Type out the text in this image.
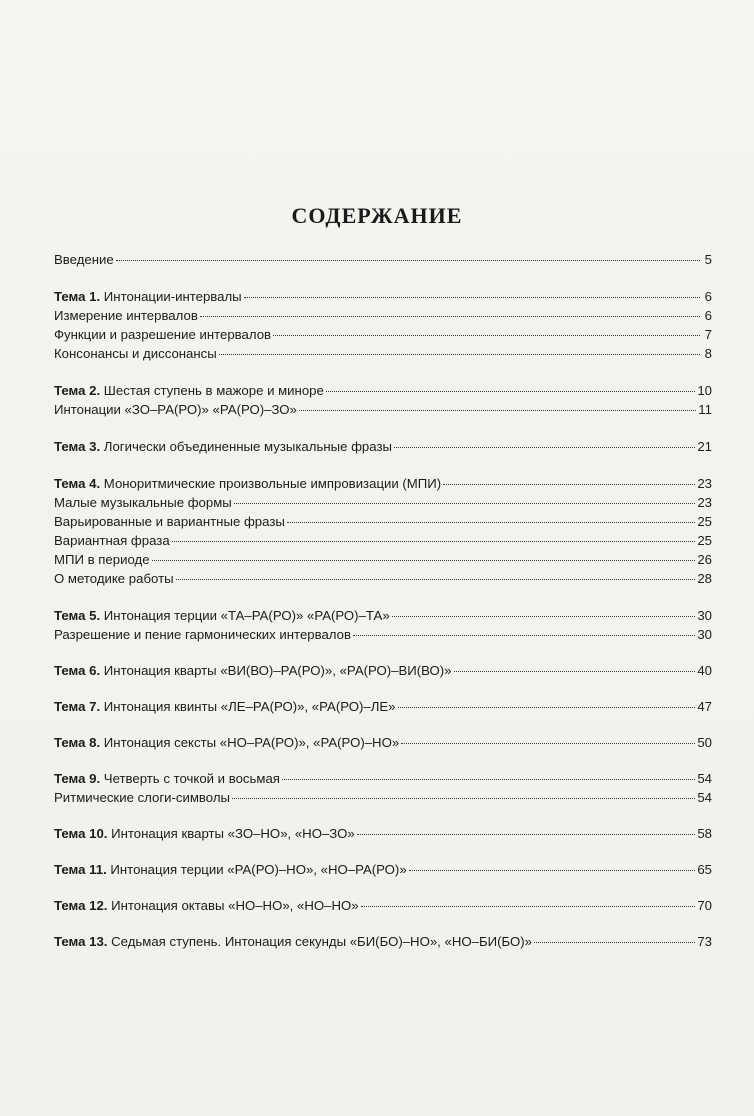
СОДЕРЖАНИЕ
Введение	5
Тема 1. Интонации-интервалы	6
Измерение интервалов	6
Функции и разрешение интервалов	7
Консонансы и диссонансы	8
Тема 2. Шестая ступень в мажоре и миноре	10
Интонации «ЗО–РА(РО)» «РА(РО)–ЗО»	11
Тема 3. Логически объединенные музыкальные фразы	21
Тема 4. Моноритмические произвольные импровизации (МПИ)	23
Малые музыкальные формы	23
Варьированные и вариантные фразы	25
Вариантная фраза	25
МПИ в периоде	26
О методике работы	28
Тема 5. Интонация терции «ТА–РА(РО)» «РА(РО)–ТА»	30
Разрешение и пение гармонических интервалов	30
Тема 6. Интонация кварты «ВИ(ВО)–РА(РО)», «РА(РО)–ВИ(ВО)»	40
Тема 7. Интонация квинты «ЛЕ–РА(РО)», «РА(РО)–ЛЕ»	47
Тема 8. Интонация сексты «НО–РА(РО)», «РА(РО)–НО»	50
Тема 9. Четверть с точкой и восьмая	54
Ритмические слоги-символы	54
Тема 10. Интонация кварты «ЗО–НО», «НО–ЗО»	58
Тема 11. Интонация терции «РА(РО)–НО», «НО–РА(РО)»	65
Тема 12. Интонация октавы «НО–НО», «НО–НО»	70
Тема 13. Седьмая ступень. Интонация секунды «БИ(БО)–НО», «НО–БИ(БО)»	73
